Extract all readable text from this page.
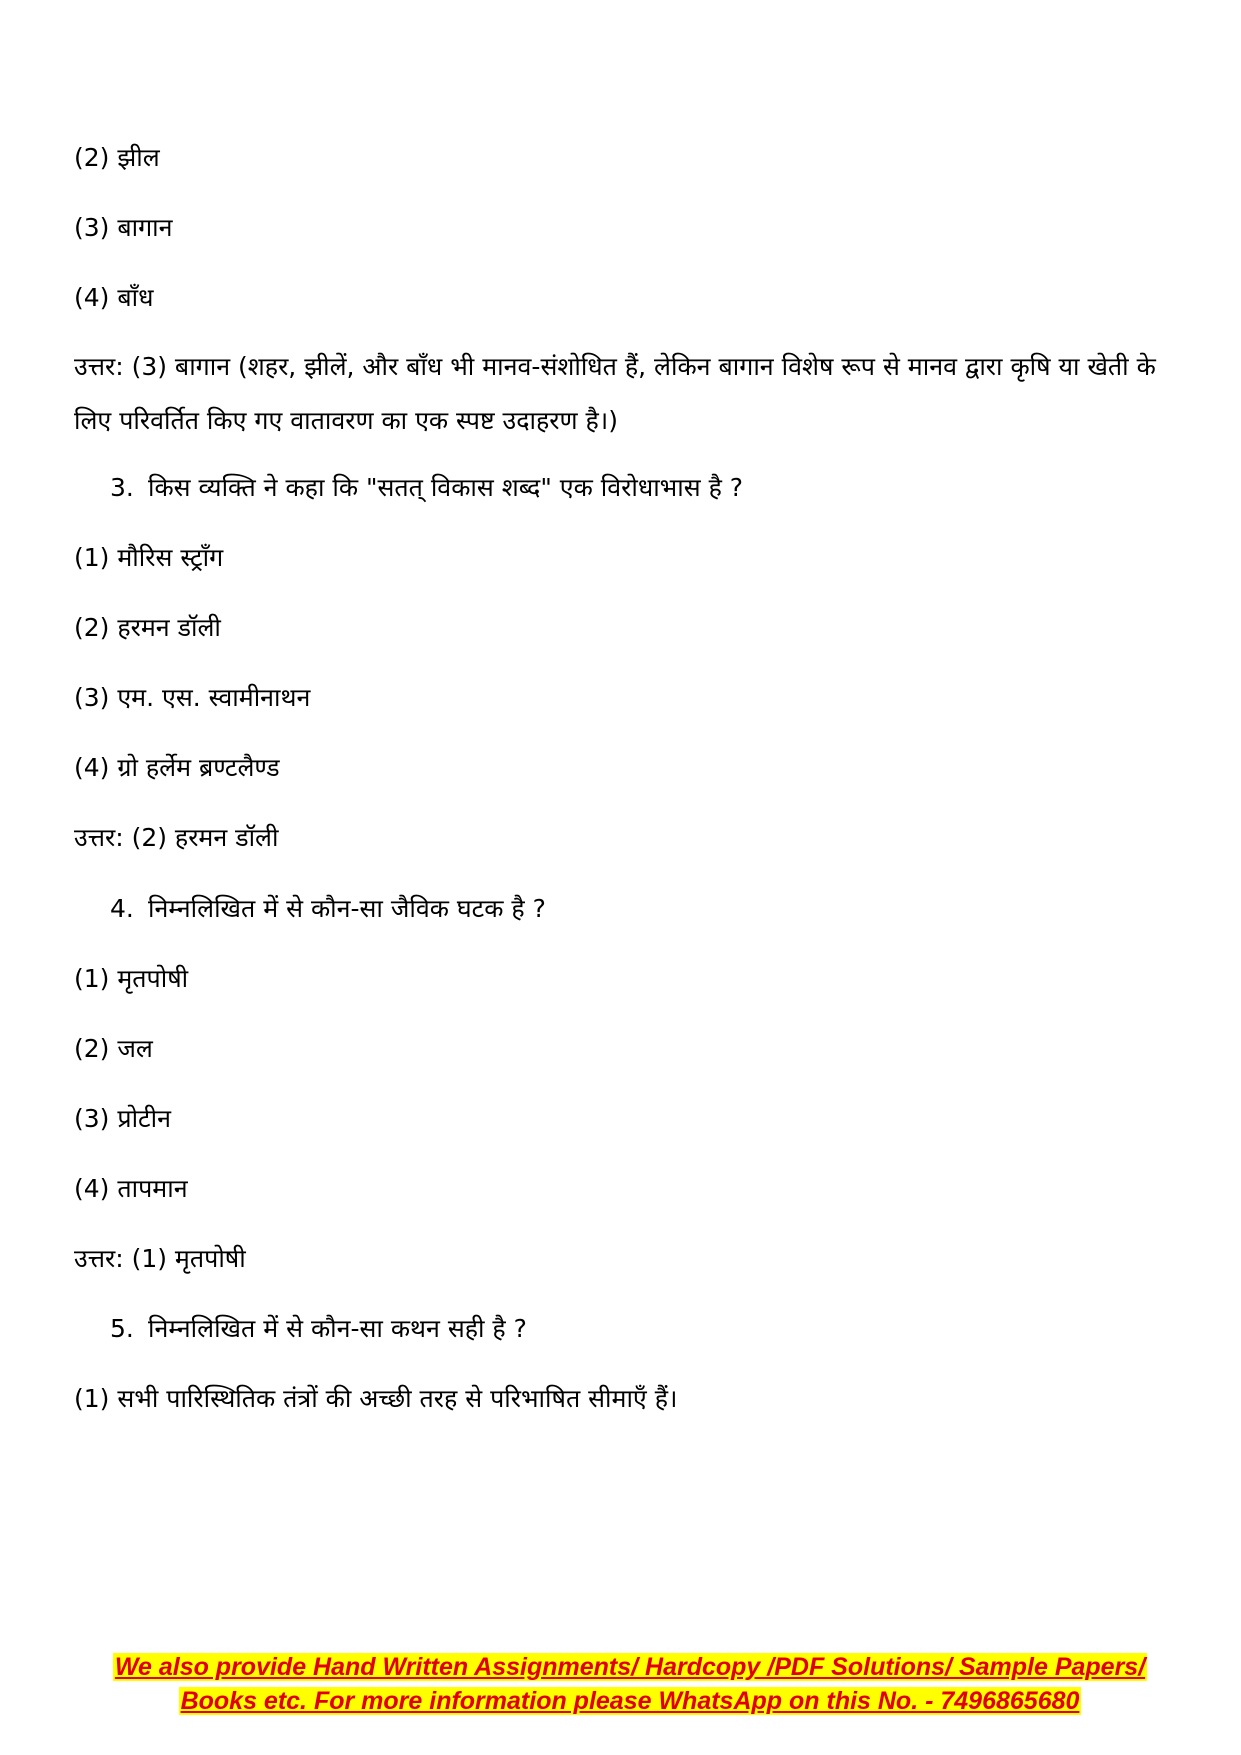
(2) झील
(3) बागान
(4) बाँध
उत्तर: (3) बागान (शहर, झीलें, और बाँध भी मानव-संशोधित हैं, लेकिन बागान विशेष रूप से मानव द्वारा कृषि या खेती के लिए परिवर्तित किए गए वातावरण का एक स्पष्ट उदाहरण है।)
3. किस व्यक्ति ने कहा कि "सतत् विकास शब्द" एक विरोधाभास है ?
(1) मौरिस स्ट्राँग
(2) हरमन डॉली
(3) एम. एस. स्वामीनाथन
(4) ग्रो हर्लेम ब्रण्टलैण्ड
उत्तर: (2) हरमन डॉली
4. निम्नलिखित में से कौन-सा जैविक घटक है ?
(1) मृतपोषी
(2) जल
(3) प्रोटीन
(4) तापमान
उत्तर: (1) मृतपोषी
5. निम्नलिखित में से कौन-सा कथन सही है ?
(1) सभी पारिस्थितिक तंत्रों की अच्छी तरह से परिभाषित सीमाएँ हैं।
We also provide Hand Written Assignments/ Hardcopy /PDF Solutions/ Sample Papers/
Books etc. For more information please WhatsApp on this No. - 7496865680
